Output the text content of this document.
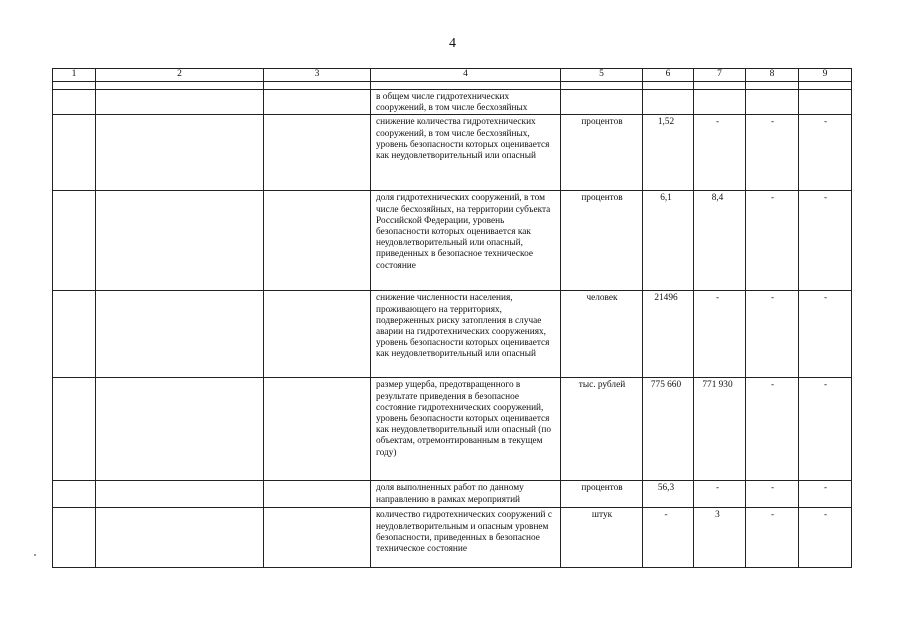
4
1	2	3	4	5	6	7	8	9

			в общем числе гидротехнических сооружений, в том числе бесхозяйных					
			снижение количества гидротехнических сооружений, в том числе бесхозяйных, уровень безопасности которых оценивается как неудовлетворительный или опасный	процентов	1,52	-	-	-
			доля гидротехнических сооружений, в том числе бесхозяйных, на территории субъекта Российской Федерации, уровень безопасности которых оценивается как неудовлетворительный или опасный, приведенных в безопасное техническое состояние	процентов	6,1	8,4	-	-
			снижение численности населения, проживающего на территориях, подверженных риску затопления в случае аварии на гидротехнических сооружениях, уровень безопасности которых оценивается как неудовлетворительный или опасный	человек	21496	-	-	-
			размер ущерба, предотвращенного в результате приведения в безопасное состояние гидротехнических сооружений, уровень безопасности которых оценивается как неудовлетворительный или опасный (по объектам, отремонтированным в текущем году)	тыс. рублей	775 660	771 930	-	-
			доля выполненных работ по данному направлению в рамках мероприятий	процентов	56,3	-	-	-
			количество гидротехнических сооружений с неудовлетворительным и опасным уровнем безопасности, приведенных в безопасное техническое состояние	штук	-	3	-	-
